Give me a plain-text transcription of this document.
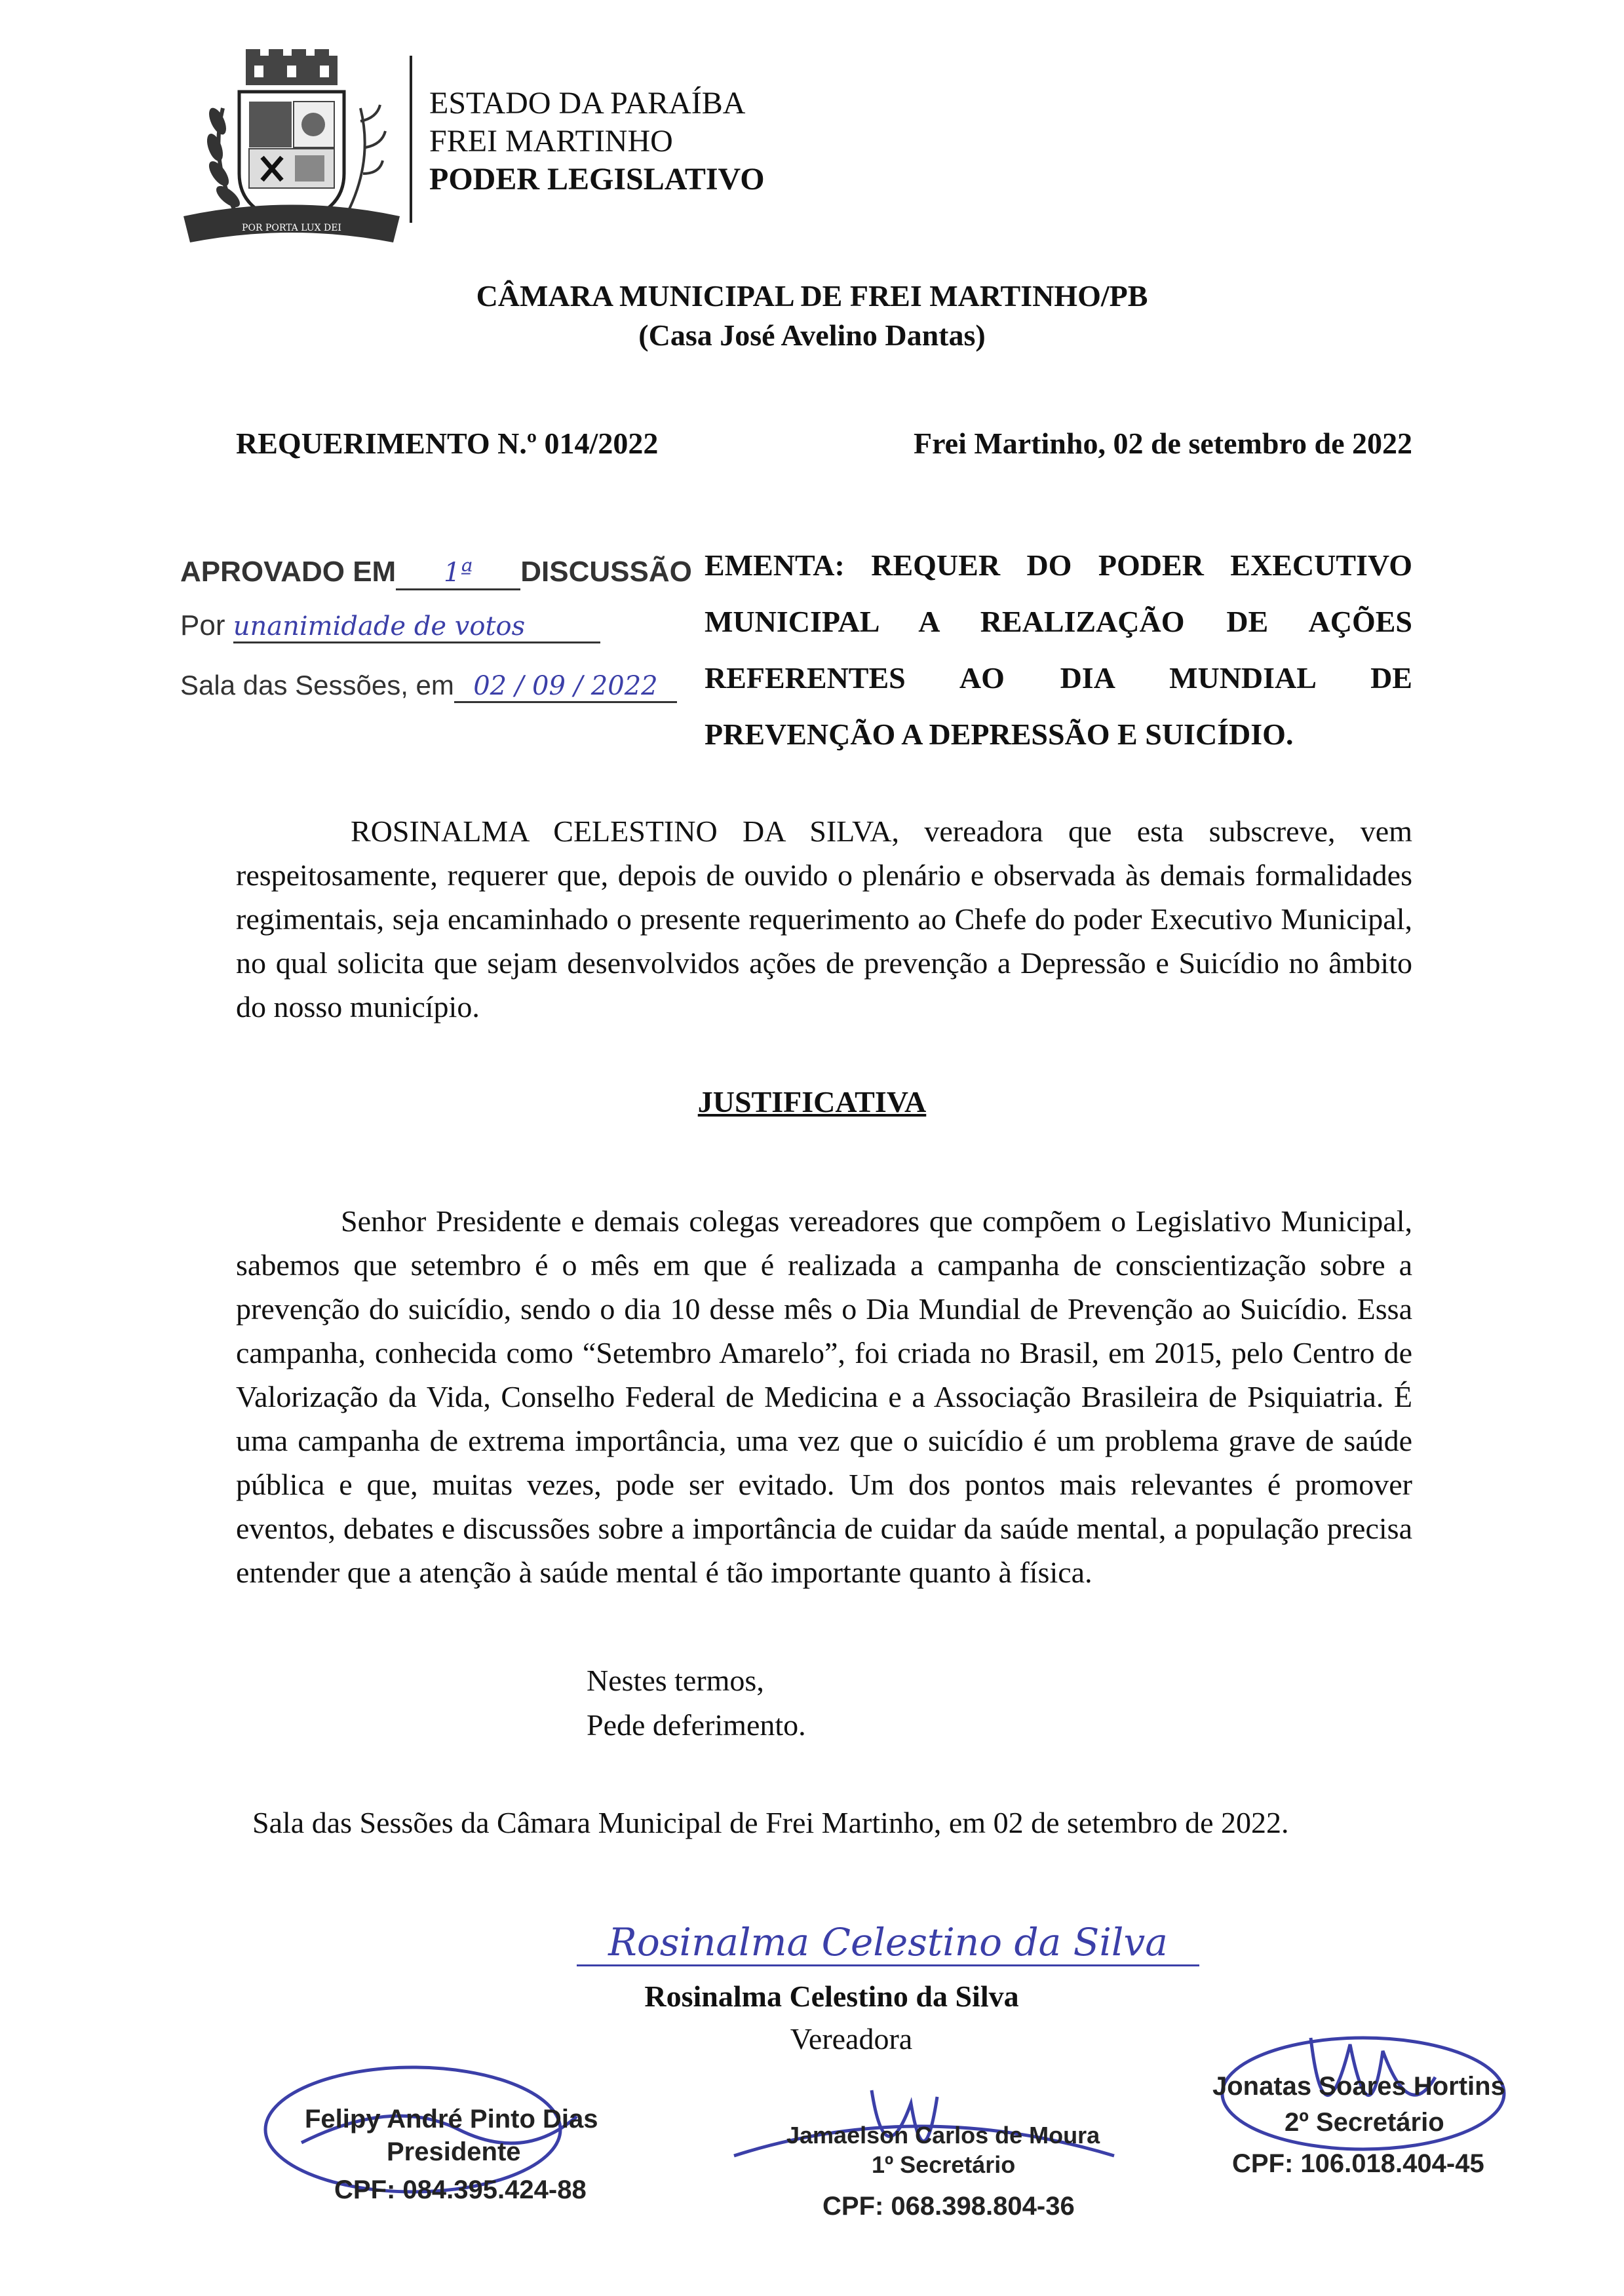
POR PORTA LUX DEI
ESTADO DA PARAÍBA
FREI MARTINHO
PODER LEGISLATIVO
CÂMARA MUNICIPAL DE FREI MARTINHO/PB
(Casa José Avelino Dantas)
REQUERIMENTO N.º 014/2022	Frei Martinho, 02 de setembro de 2022
APROVADO EM 1ª DISCUSSÃO
Por unanimidade de votos
Sala das Sessões, em 02 / 09 / 2022
EMENTA: REQUER DO PODER EXECUTIVO
MUNICIPAL A REALIZAÇÃO DE AÇÕES
REFERENTES AO DIA MUNDIAL DE
PREVENÇÃO A DEPRESSÃO E SUICÍDIO.
ROSINALMA CELESTINO DA SILVA, vereadora que esta subscreve, vem respeitosamente, requerer que, depois de ouvido o plenário e observada às demais formalidades regimentais, seja encaminhado o presente requerimento ao Chefe do poder Executivo Municipal, no qual solicita que sejam desenvolvidos ações de prevenção a Depressão e Suicídio no âmbito do nosso município.
JUSTIFICATIVA
Senhor Presidente e demais colegas vereadores que compõem o Legislativo Municipal, sabemos que setembro é o mês em que é realizada a campanha de conscientização sobre a prevenção do suicídio, sendo o dia 10 desse mês o Dia Mundial de Prevenção ao Suicídio. Essa campanha, conhecida como “Setembro Amarelo”, foi criada no Brasil, em 2015, pelo Centro de Valorização da Vida, Conselho Federal de Medicina e a Associação Brasileira de Psiquiatria. É uma campanha de extrema importância, uma vez que o suicídio é um problema grave de saúde pública e que, muitas vezes, pode ser evitado. Um dos pontos mais relevantes é promover eventos, debates e discussões sobre a importância de cuidar da saúde mental, a população precisa entender que a atenção à saúde mental é tão importante quanto à física.
Nestes termos,
Pede deferimento.
Sala das Sessões da Câmara Municipal de Frei Martinho, em 02 de setembro de 2022.
Rosinalma Celestino da Silva
Rosinalma Celestino da Silva
Vereadora
Felipy André Pinto Dias
Presidente
CPF: 084.395.424-88
Jamaelson Carlos de Moura
1º Secretário
CPF: 068.398.804-36
Jonatas Soares Hortins
2º Secretário
CPF: 106.018.404-45
